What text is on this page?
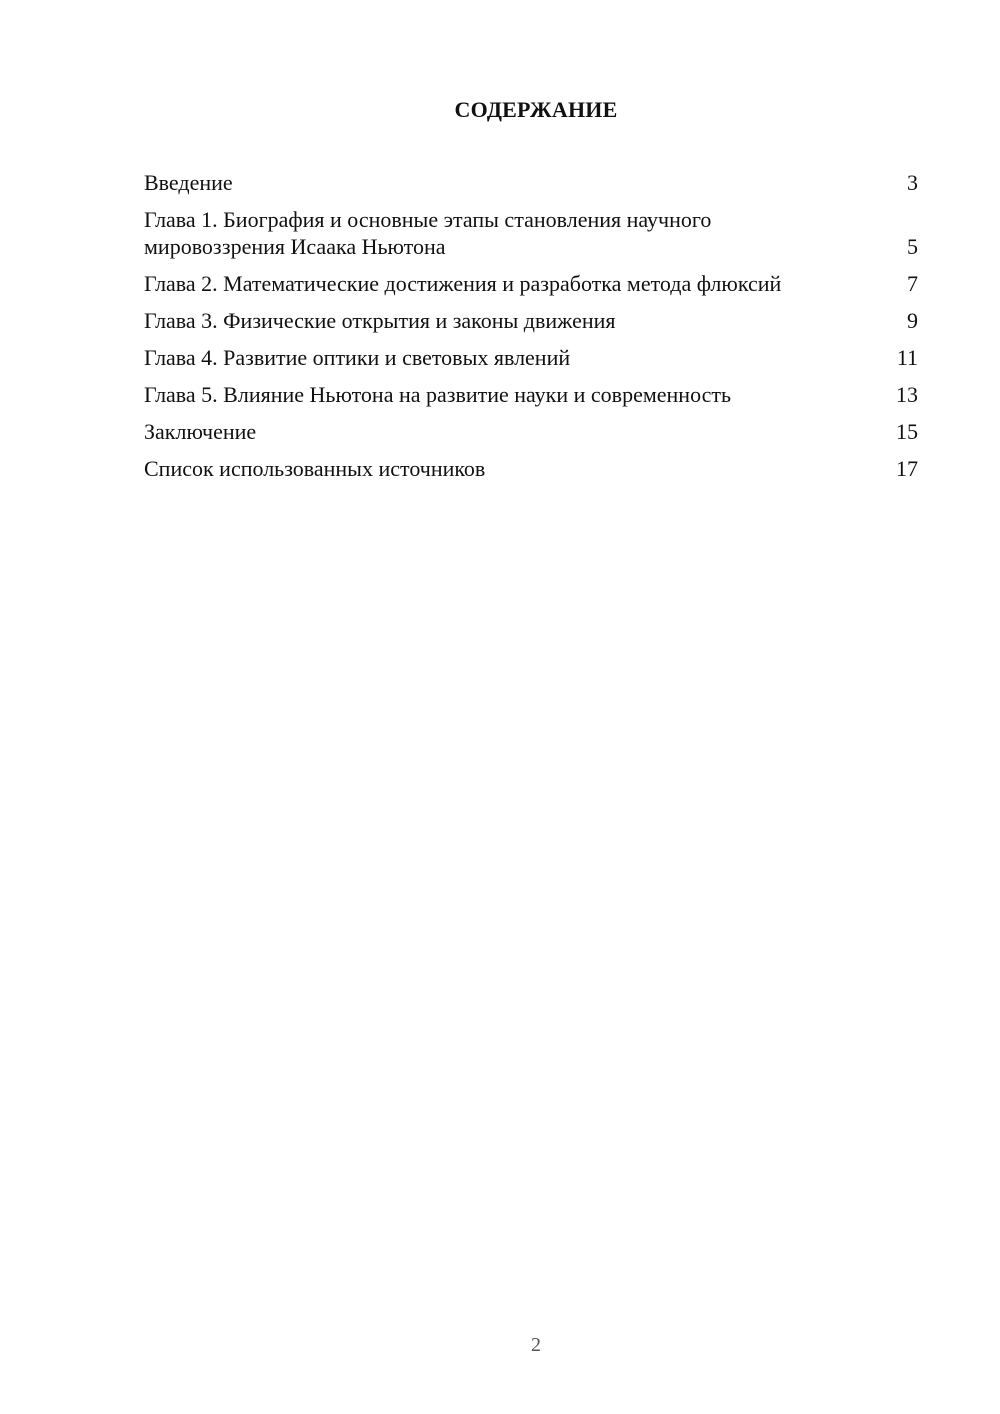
СОДЕРЖАНИЕ
Введение	3
Глава 1. Биография и основные этапы становления научного мировоззрения Исаака Ньютона	5
Глава 2. Математические достижения и разработка метода флюксий	7
Глава 3. Физические открытия и законы движения	9
Глава 4. Развитие оптики и световых явлений	11
Глава 5. Влияние Ньютона на развитие науки и современность	13
Заключение	15
Список использованных источников	17
2
